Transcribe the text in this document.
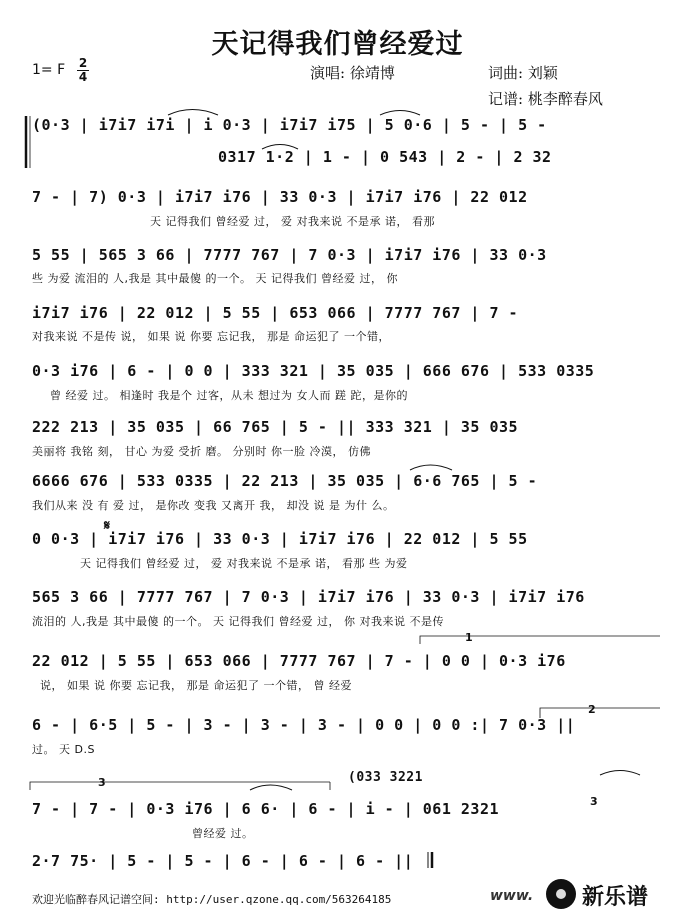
天记得我们曾经爱过
1= F 2
4	演唱: 徐靖博	词曲: 刘颖
记谱: 桃李醉春风
(0·3 | i7i7 i7i | i 0·3 | i7i7 i75 | 5 0·6 | 5 - | 5 -
0317 1·2 | 1 - | 0 543 | 2 - | 2 32
7 - | 7) 0·3 | i7i7 i76 | 33 0·3 | i7i7 i76 | 22 012
天 记得我们 曾经爱 过， 爱 对我来说 不是承 诺， 看那
5 55 | 565 3 66 | 7777 767 | 7 0·3 | i7i7 i76 | 33 0·3
些 为爱 流泪的 人,我是 其中最傻 的一个。 天 记得我们 曾经爱 过， 你
i7i7 i76 | 22 012 | 5 55 | 653 066 | 7777 767 | 7 -
对我来说 不是传 说， 如果 说 你要 忘记我， 那是 命运犯了 一个错，
0·3 i76 | 6 - | 0 0 | 333 321 | 35 035 | 666 676 | 533 0335
曾 经爱 过。 相逢时 我是个 过客，从未 想过为 女人而 蹉 跎，是你的
222 213 | 35 035 | 66 765 | 5 - || 333 321 | 35 035
美丽将 我铭 刻， 甘心 为爱 受折 磨。 分别时 你一脸 冷漠， 仿佛
6666 676 | 533 0335 | 22 213 | 35 035 | 6·6 765 | 5 -
我们从来 没 有 爱 过， 是你改 变我 又离开 我， 却没 说 是 为什 么。
𝄋
0 0·3 | i7i7 i76 | 33 0·3 | i7i7 i76 | 22 012 | 5 55
天 记得我们 曾经爱 过， 爱 对我来说 不是承 诺， 看那 些 为爱
565 3 66 | 7777 767 | 7 0·3 | i7i7 i76 | 33 0·3 | i7i7 i76
流泪的 人,我是 其中最傻 的一个。 天 记得我们 曾经爱 过， 你 对我来说 不是传
1
22 012 | 5 55 | 653 066 | 7777 767 | 7 - | 0 0 | 0·3 i76
说， 如果 说 你要 忘记我， 那是 命运犯了 一个错， 曾 经爱
2
6 - | 6·5 | 5 - | 3 - | 3 - | 3 - | 0 0 | 0 0 :| 7 0·3 ||
过。 天 D.S
(033 3221
3
7 - | 7 - | 0·3 i76 | 6 6· | 6 - | i - | 061 2321
曾经爱 过。
3
2·7 75· | 5 - | 5 - | 6 - | 6 - | 6 - ||
欢迎光临醉春风记谱空间: http://user.qzone.qq.com/563264185	www. 新乐谱
